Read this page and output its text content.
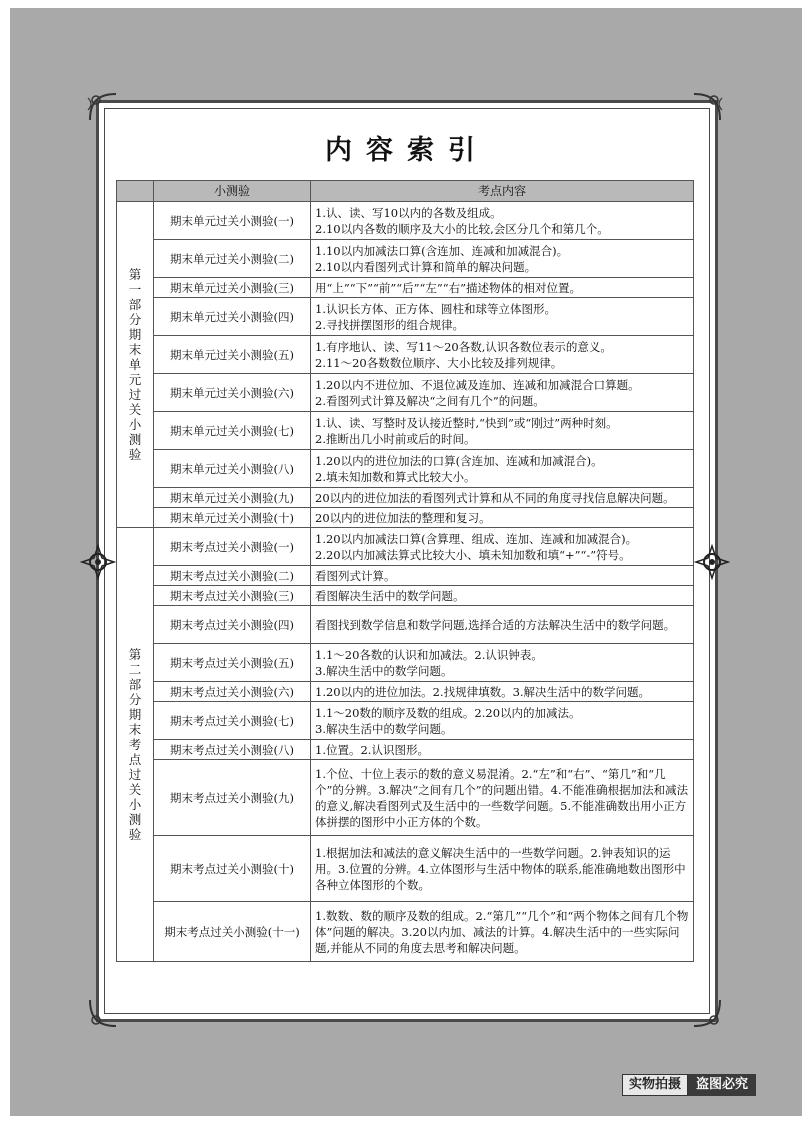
内容索引
	小测验	考点内容
第一部分 期末单元过关小测验	期末单元过关小测验(一)	1.认、读、写10以内的各数及组成。
2.10以内各数的顺序及大小的比较,会区分几个和第几个。

	期末单元过关小测验(二)	1.10以内加减法口算(含连加、连减和加减混合)。
2.10以内看图列式计算和简单的解决问题。

	期末单元过关小测验(三)	用“上”“下”“前”“后”“左”“右”描述物体的相对位置。

	期末单元过关小测验(四)	1.认识长方体、正方体、圆柱和球等立体图形。
2.寻找拼摆图形的组合规律。

	期末单元过关小测验(五)	1.有序地认、读、写11～20各数,认识各数位表示的意义。
2.11～20各数数位顺序、大小比较及排列规律。

	期末单元过关小测验(六)	1.20以内不进位加、不退位减及连加、连减和加减混合口算题。
2.看图列式计算及解决“之间有几个”的问题。

	期末单元过关小测验(七)	1.认、读、写整时及认接近整时,“快到”或“刚过”两种时刻。
2.推断出几小时前或后的时间。

	期末单元过关小测验(八)	1.20以内的进位加法的口算(含连加、连减和加减混合)。
2.填未知加数和算式比较大小。

	期末单元过关小测验(九)	20以内的进位加法的看图列式计算和从不同的角度寻找信息解决问题。

	期末单元过关小测验(十)	20以内的进位加法的整理和复习。

第二部分 期末考点过关小测验	期末考点过关小测验(一)	1.20以内加减法口算(含算理、组成、连加、连减和加减混合)。
2.20以内加减法算式比较大小、填未知加数和填“+”“-”符号。

	期末考点过关小测验(二)	看图列式计算。

	期末考点过关小测验(三)	看图解决生活中的数学问题。

	期末考点过关小测验(四)	看图找到数学信息和数学问题,选择合适的方法解决生活中的数学问题。

	期末考点过关小测验(五)	1.1～20各数的认识和加减法。2.认识钟表。
3.解决生活中的数学问题。

	期末考点过关小测验(六)	1.20以内的进位加法。2.找规律填数。3.解决生活中的数学问题。

	期末考点过关小测验(七)	1.1～20数的顺序及数的组成。2.20以内的加减法。
3.解决生活中的数学问题。

	期末考点过关小测验(八)	1.位置。2.认识图形。

	期末考点过关小测验(九)	1.个位、十位上表示的数的意义易混淆。2.“左”和“右”、“第几”和“几个”的分辨。3.解决“之间有几个”的问题出错。4.不能准确根据加法和减法的意义,解决看图列式及生活中的一些数学问题。5.不能准确数出用小正方体拼摆的图形中小正方体的个数。

	期末考点过关小测验(十)	1.根据加法和减法的意义解决生活中的一些数学问题。2.钟表知识的运用。3.位置的分辨。4.立体图形与生活中物体的联系,能准确地数出图形中各种立体图形的个数。

	期末考点过关小测验(十一)	1.数数、数的顺序及数的组成。2.“第几”“几个”和“两个物体之间有几个物体”问题的解决。3.20以内加、减法的计算。4.解决生活中的一些实际问题,并能从不同的角度去思考和解决问题。
实物拍摄	盗图必究
